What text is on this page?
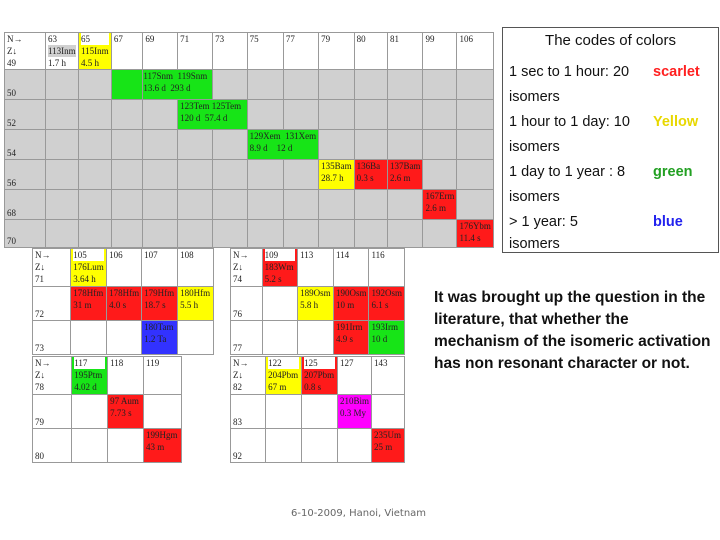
N→
Z↓
49	63

113Inm
1.7 h	65
115Inm
4.5 h	67	69	71	73	75	77	79	80	81	99	106
50				117Snm 119Snm
13.6 d 293 d									
52					123Tem 125Tem
120 d 57.4 d								
54							129Xem 131Xem
8.9 d 12 d						
56									135Bam
28.7 h	136Ba
0.3 s	137Bam
2.6 m		
68												167Erm
2.6 m	
70													176Ybm
11.4 s
N→
Z↓
71	105
176Lum
3.64 h	106	107	108
72	178Hfm
31 m	178Hfm
4.0 s	179Hfm
18.7 s	180Hfm
5.5 h
73			180Tam
1.2 Ta	
N→
Z↓
74	109
183Wm
5.2 s	113	114	116
76		189Osm
5.8 h	190Osm
10 m	192Osm
6.1 s
77			191Irm
4.9 s	193Irm
10 d
N→
Z↓
78	117
195Ptm
4.02 d	118	119
79		97 Aum
7.73 s	
80			199Hgm
43 m
N→
Z↓
82	122
204Pbm
67 m	125
207Pbm
0.8 s	127	143
83			210Bim
0.3 My	
92				235Um
25 m
The codes of colors
1 sec to 1 hour: 20 scarlet
isomers
1 hour to 1 day: 10 Yellow
isomers
1 day to 1 year : 8 green
isomers
> 1 year: 5	blue
isomers
It was brought up the question in the literature, that whether the mechanism of the isomeric activation has non resonant character or not.
6-10-2009, Hanoi, Vietnam
